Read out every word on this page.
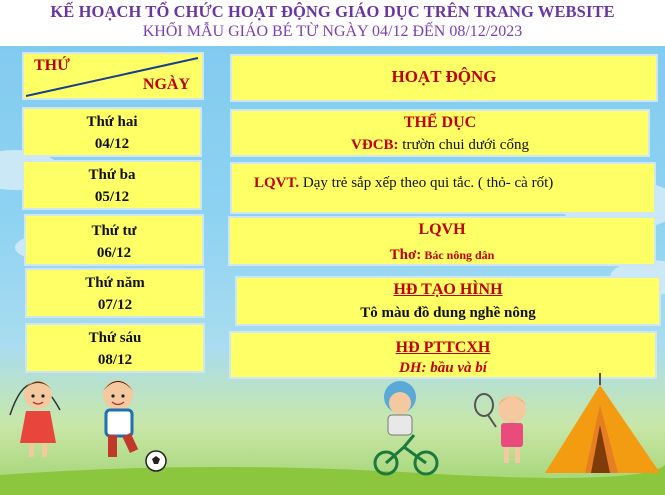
KẾ HOẠCH TỔ CHỨC HOẠT ĐỘNG GIÁO DỤC TRÊN TRANG WEBSITE
KHỐI MẪU GIÁO BÉ TỪ NGÀY 04/12 ĐẾN 08/12/2023
THỨ
NGÀY	HOẠT ĐỘNG
Thứ hai
04/12
THỂ DỤC
VĐCB: trườn chui dưới cổng
Thứ ba
05/12
LQVT. Dạy trẻ sắp xếp theo qui tắc. ( thỏ- cà rốt)
Thứ tư
06/12
LQVH
Thơ: Bác nông dân
Thứ năm
07/12
HĐ TẠO HÌNH
Tô màu đồ dung nghề nông
Thứ sáu
08/12
HĐ PTTCXH
DH: bầu và bí
